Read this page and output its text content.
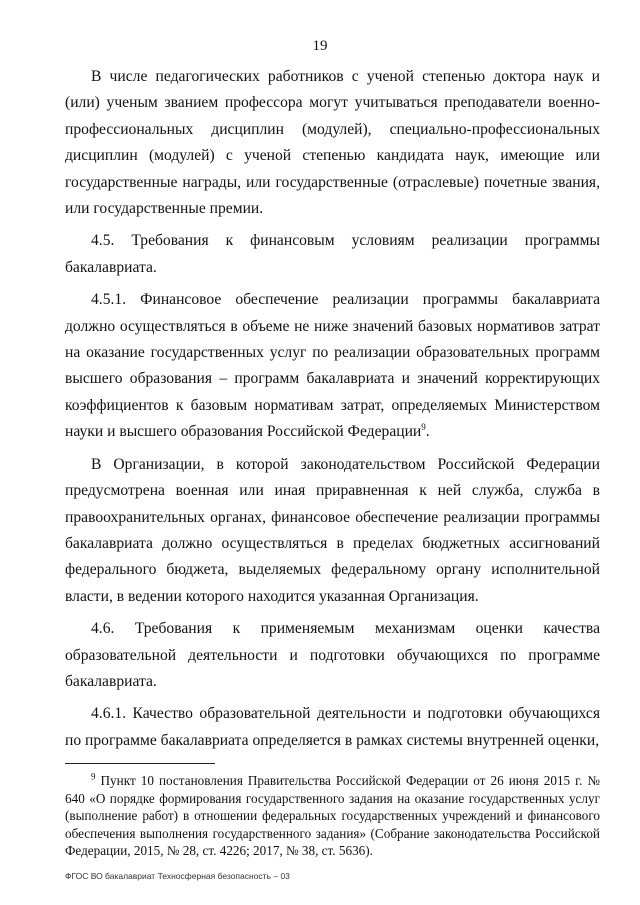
19

В числе педагогических работников с ученой степенью доктора наук и (или) ученым званием профессора могут учитываться преподаватели военно-профессиональных дисциплин (модулей), специально-профессиональных дисциплин (модулей) с ученой степенью кандидата наук, имеющие или государственные награды, или государственные (отраслевые) почетные звания, или государственные премии.

4.5. Требования к финансовым условиям реализации программы бакалавриата.

4.5.1. Финансовое обеспечение реализации программы бакалавриата должно осуществляться в объеме не ниже значений базовых нормативов затрат на оказание государственных услуг по реализации образовательных программ высшего образования – программ бакалавриата и значений корректирующих коэффициентов к базовым нормативам затрат, определяемых Министерством науки и высшего образования Российской Федерации$^9$.

В Организации, в которой законодательством Российской Федерации предусмотрена военная или иная приравненная к ней служба, служба в правоохранительных органах, финансовое обеспечение реализации программы бакалавриата должно осуществляться в пределах бюджетных ассигнований федерального бюджета, выделяемых федеральному органу исполнительной власти, в ведении которого находится указанная Организация.

4.6. Требования к применяемым механизмам оценки качества образовательной деятельности и подготовки обучающихся по программе бакалавриата.

4.6.1. Качество образовательной деятельности и подготовки обучающихся по программе бакалавриата определяется в рамках системы внутренней оценки,

$^9$ Пункт 10 постановления Правительства Российской Федерации от 26 июня 2015 г. № 640 «О порядке формирования государственного задания на оказание государственных услуг (выполнение работ) в отношении федеральных государственных учреждений и финансового обеспечения выполнения государственного задания» (Собрание законодательства Российской Федерации, 2015, № 28, ст. 4226; 2017, № 38, ст. 5636).
ФГОС ВО бакалавриат Техносферная безопасность – 03
